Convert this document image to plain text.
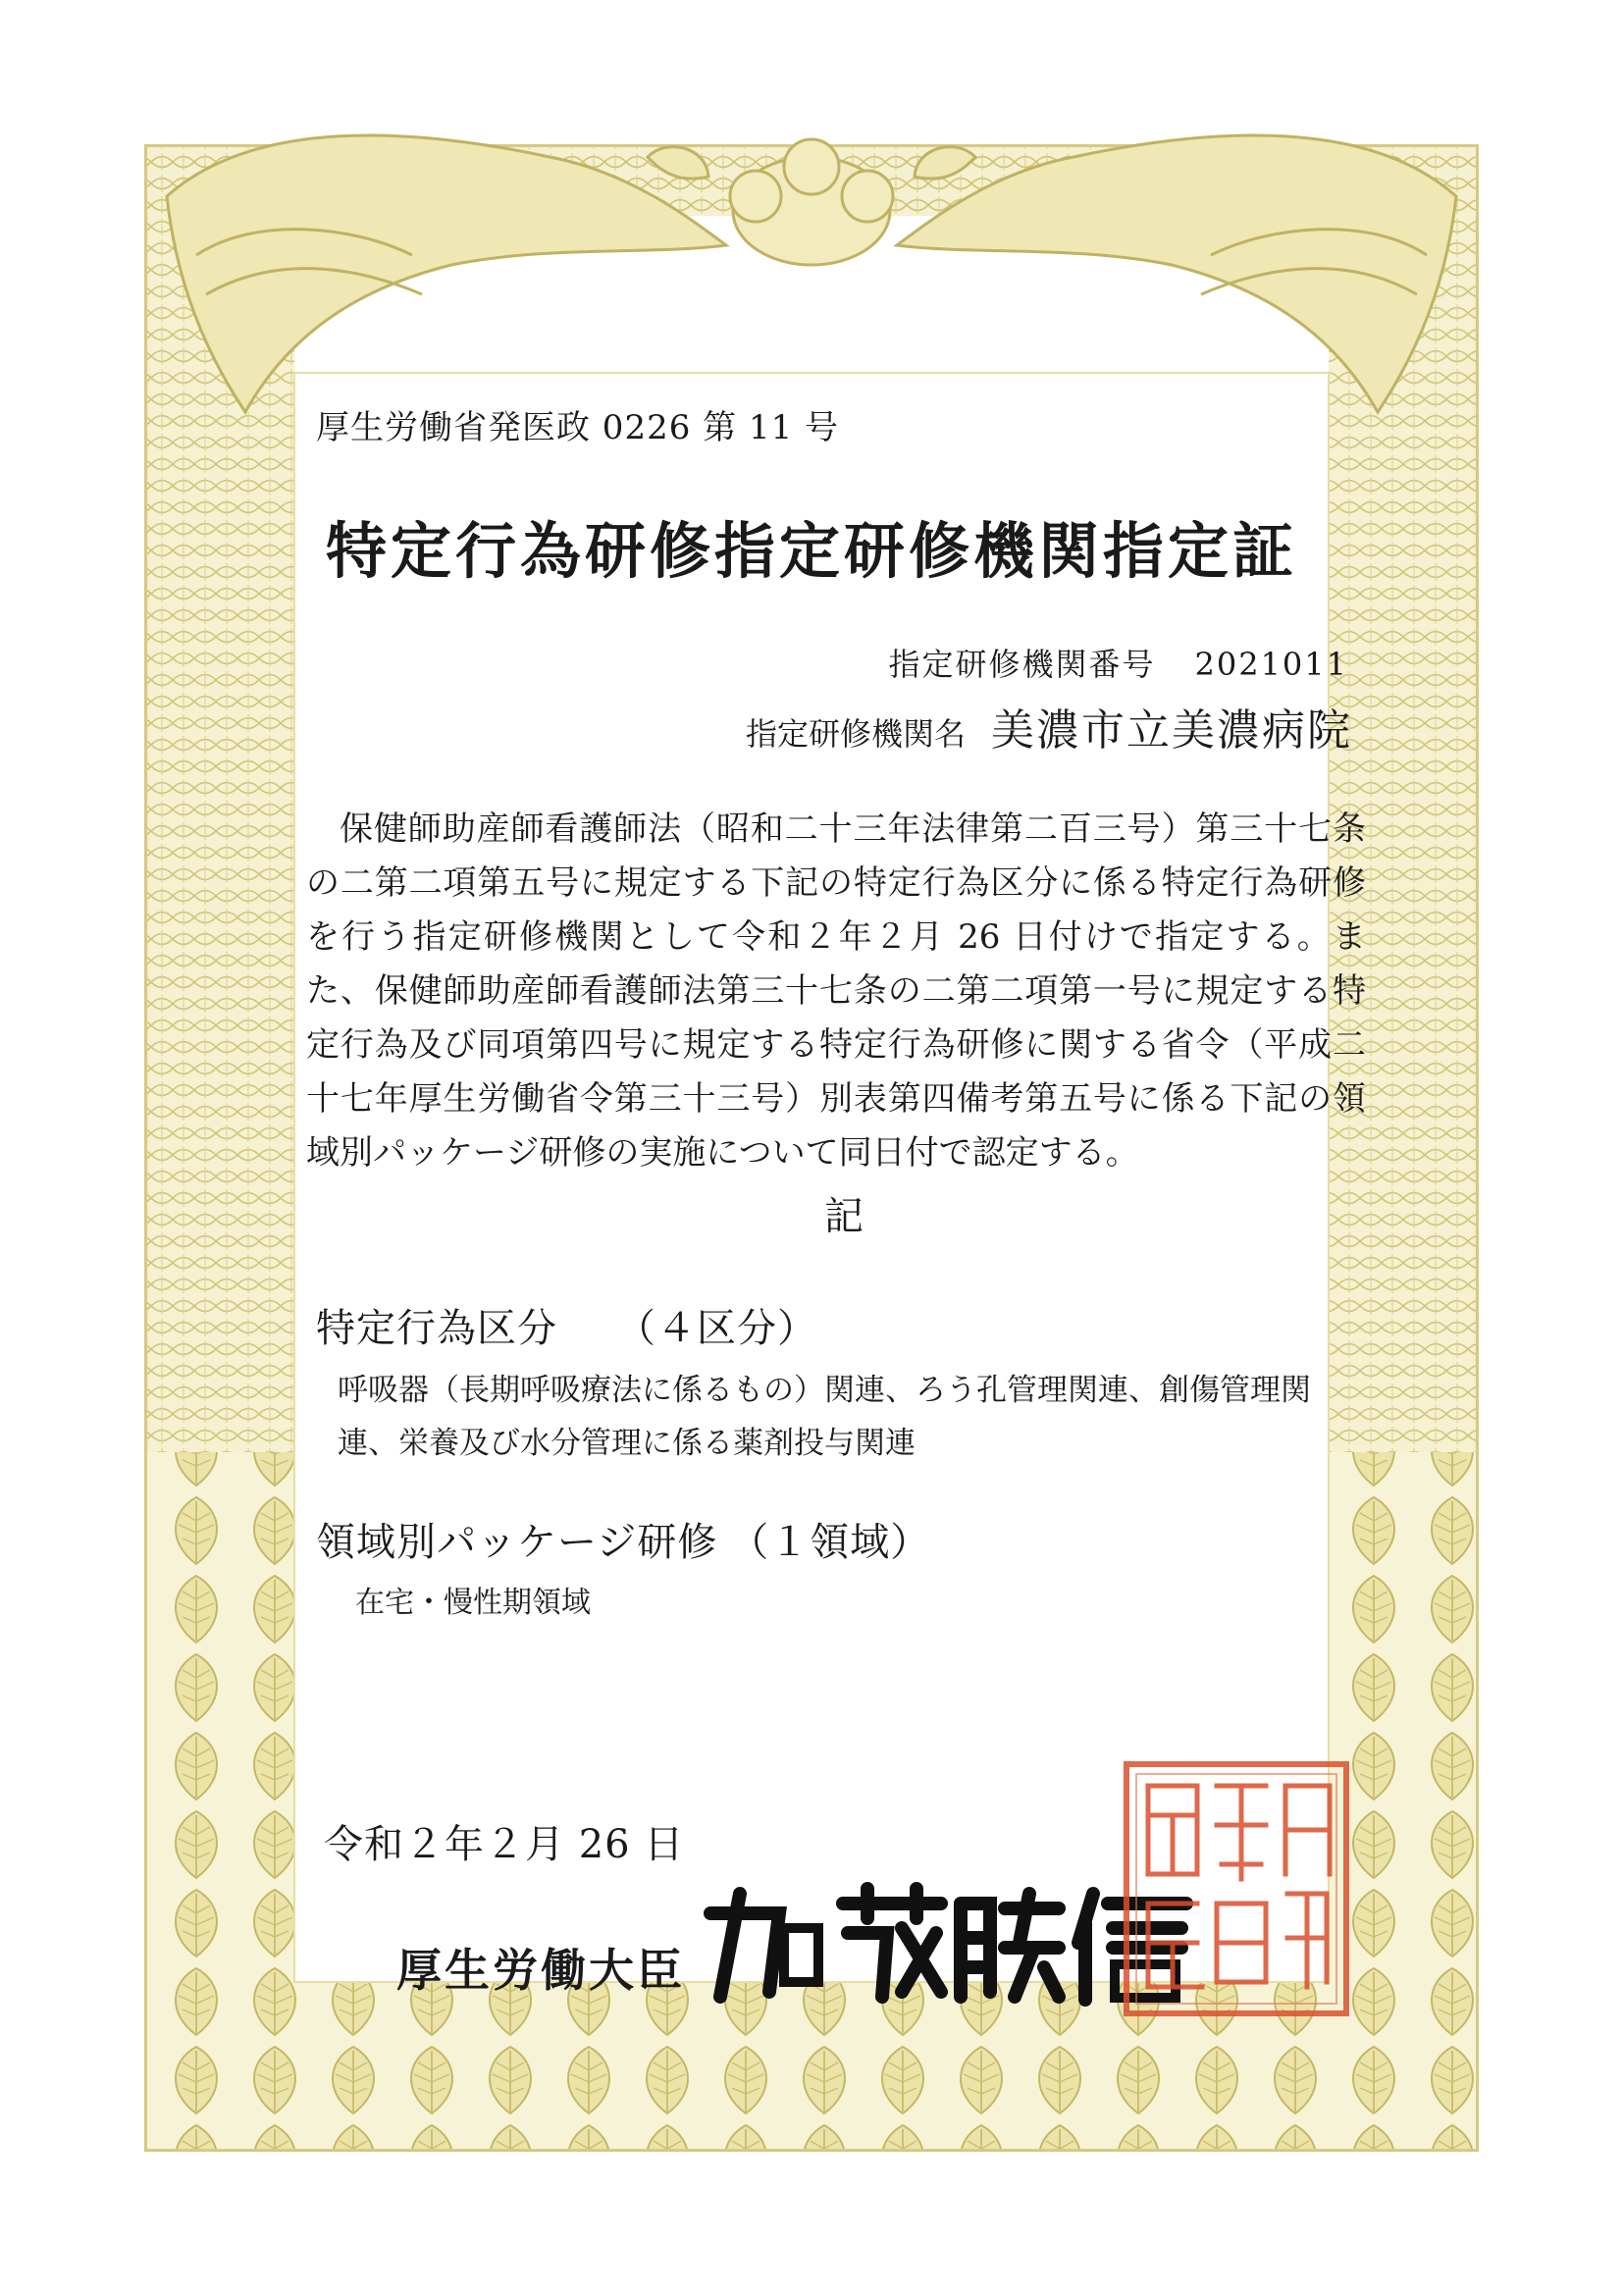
厚生労働省発医政 0226 第 11 号
特定行為研修指定研修機関指定証
指定研修機関番号 2021011
指定研修機関名 美濃市立美濃病院
保健師助産師看護師法（昭和二十三年法律第二百三号）第三十七条の二第二項第五号に規定する下記の特定行為区分に係る特定行為研修を行う指定研修機関として令和２年２月 26 日付けで指定する。また、保健師助産師看護師法第三十七条の二第二項第一号に規定する特定行為及び同項第四号に規定する特定行為研修に関する省令（平成二十七年厚生労働省令第三十三号）別表第四備考第五号に係る下記の領域別パッケージ研修の実施について同日付で認定する。
記
特定行為区分 （４区分）
呼吸器（長期呼吸療法に係るもの）関連、ろう孔管理関連、創傷管理関連、栄養及び水分管理に係る薬剤投与関連
領域別パッケージ研修 （１領域）
在宅・慢性期領域
令和２年２月 26 日
厚生労働大臣
